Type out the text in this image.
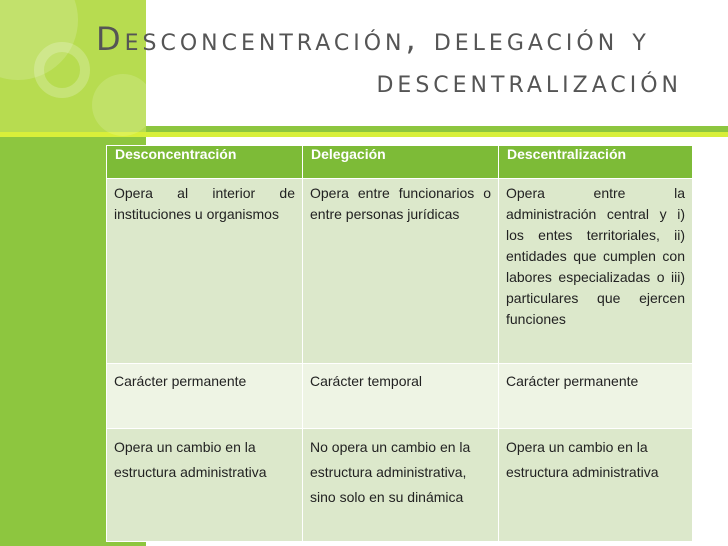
Desconcentración, delegación y
descentralización
Desconcentración	Delegación	Descentralización
Opera al interior de instituciones u organismos	Opera entre funcionarios o entre personas jurídicas	Opera entre la administración central y i) los entes territoriales, ii) entidades que cumplen con labores especializadas o iii) particulares que ejercen funciones
Carácter permanente	Carácter temporal	Carácter permanente
Opera un cambio en la estructura administrativa	No opera un cambio en la estructura administrativa, sino solo en su dinámica	Opera un cambio en la estructura administrativa
